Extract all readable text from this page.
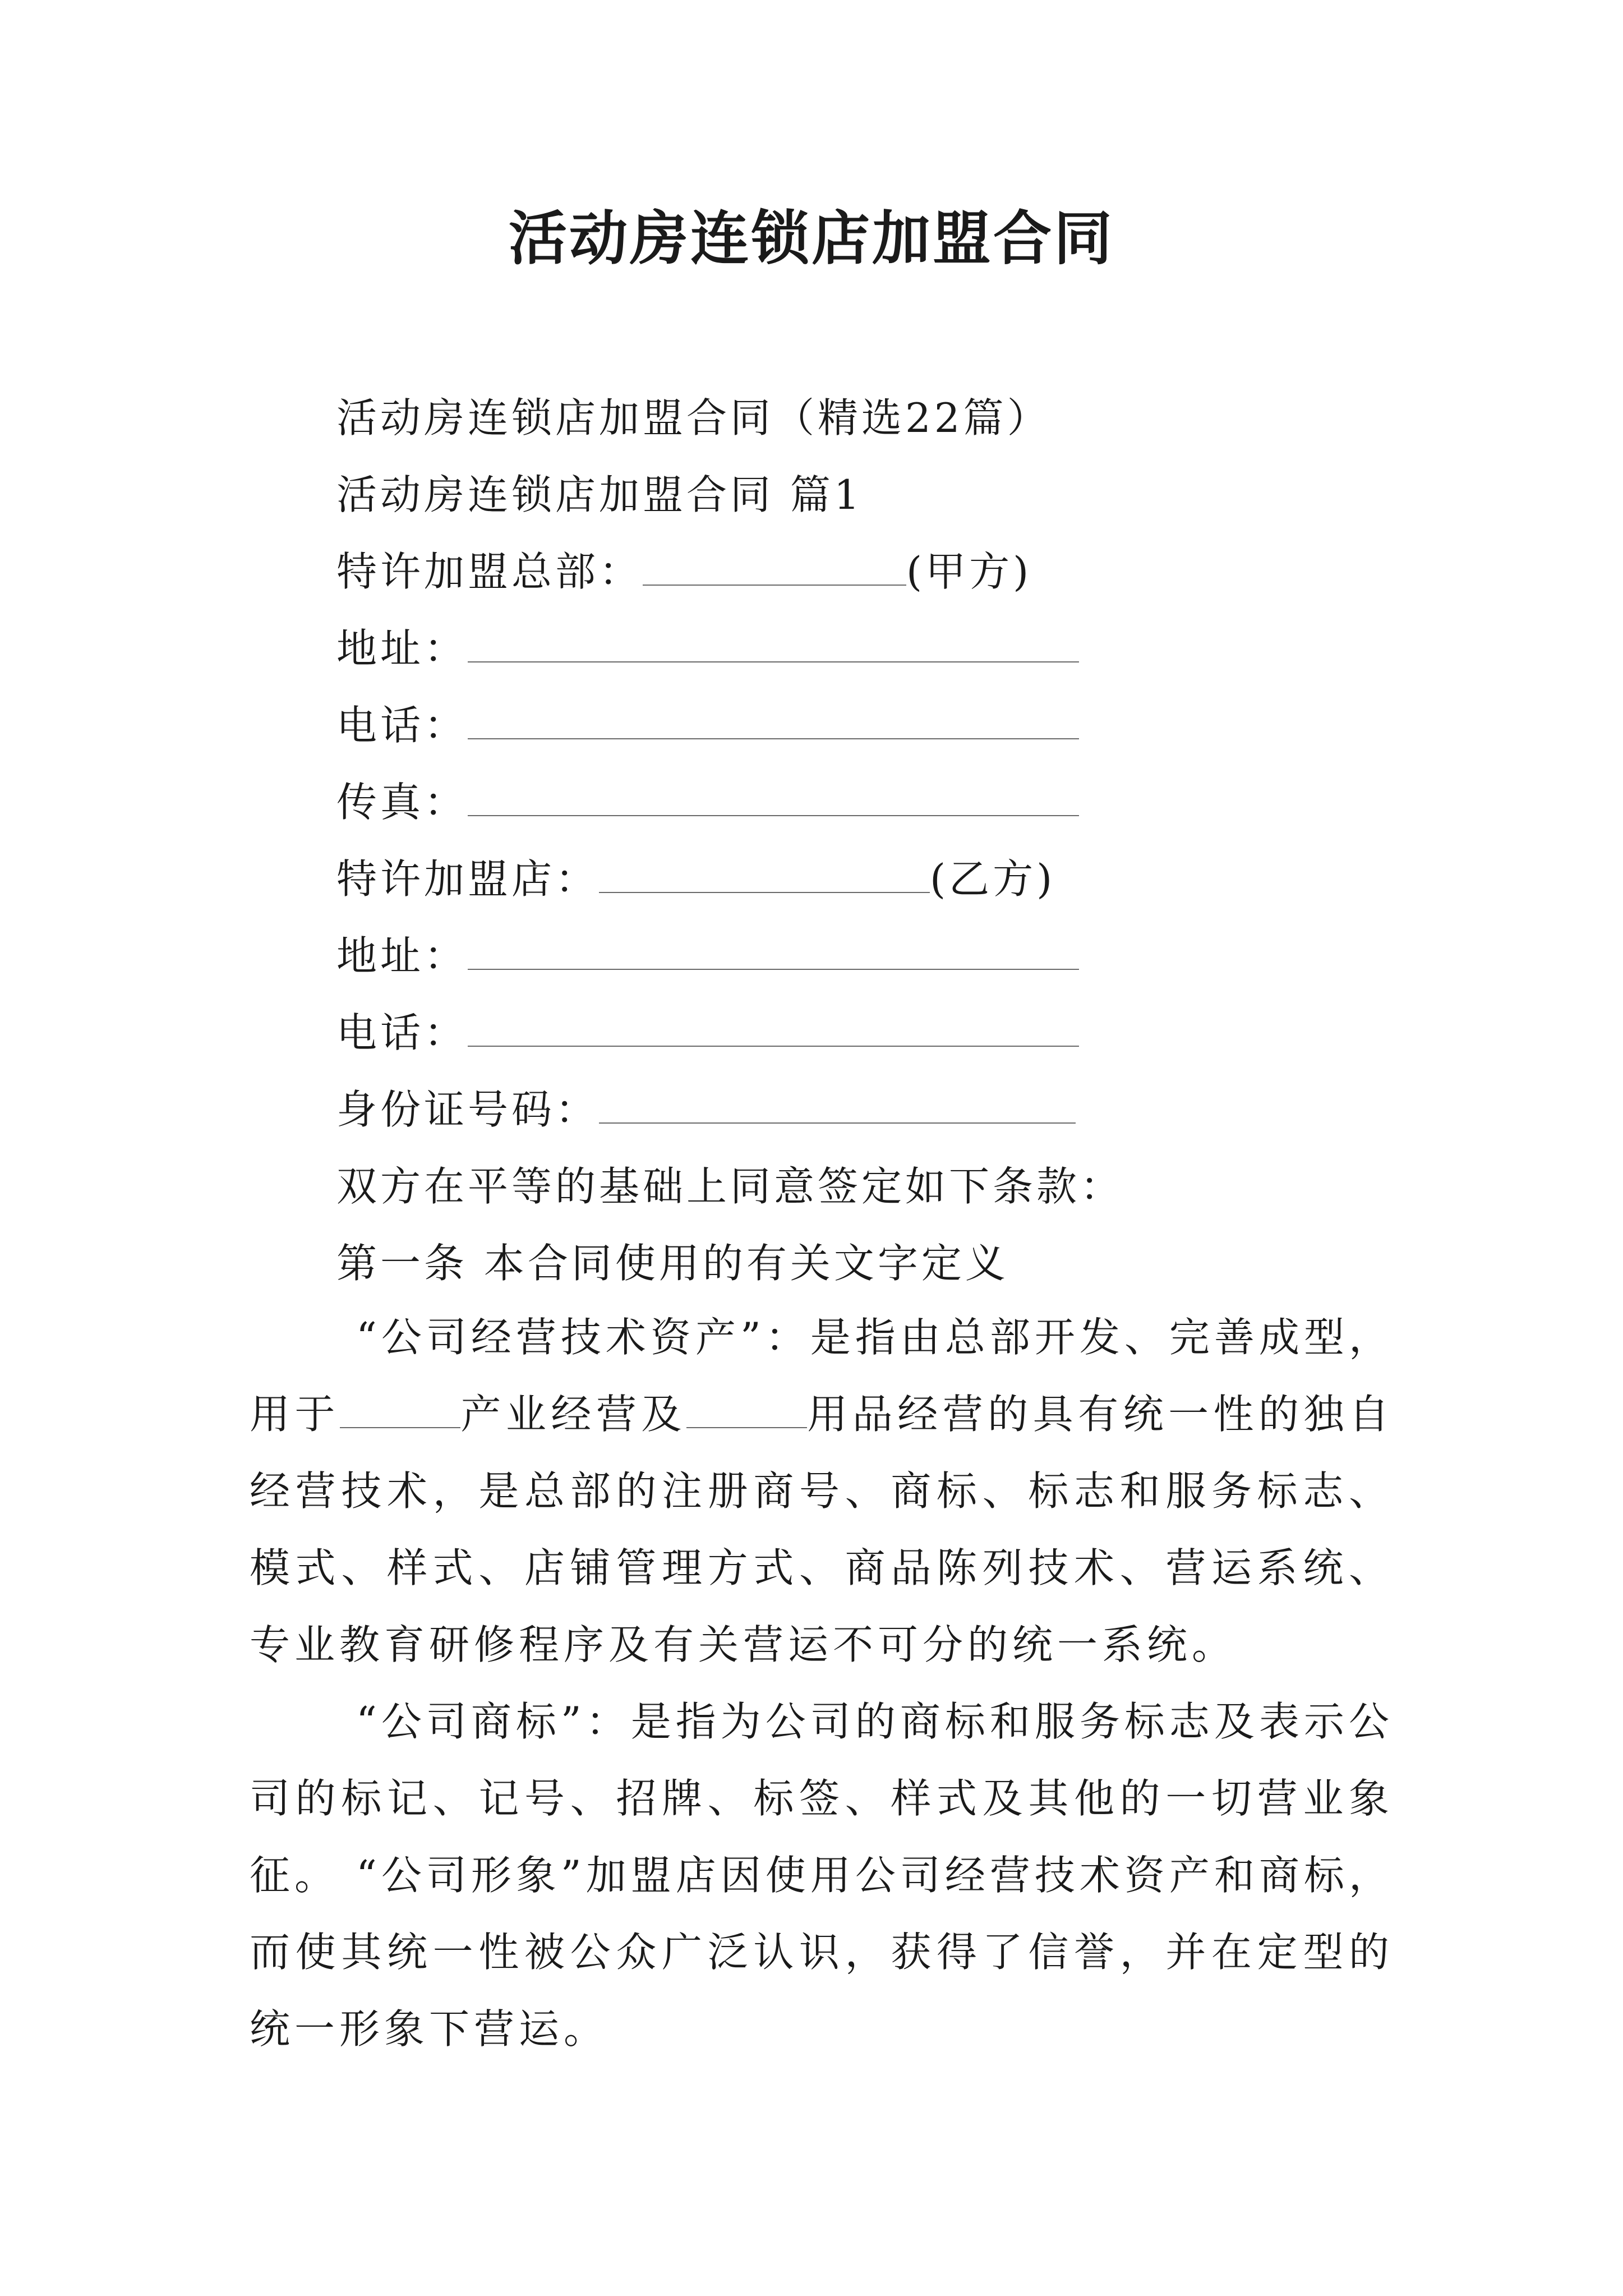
活动房连锁店加盟合同
活动房连锁店加盟合同（精选22篇）
活动房连锁店加盟合同 篇1
特许加盟总部：	(甲方)
地址：
电话：
传真：
特许加盟店：	(乙方)
地址：
电话：
身份证号码：
双方在平等的基础上同意签定如下条款：
第一条 本合同使用的有关文字定义
“公司经营技术资产”：是指由总部开发、完善成型，用于	产业经营及	用品经营的具有统一性的独自经营技术，是总部的注册商号、商标、标志和服务标志、模式、样式、店铺管理方式、商品陈列技术、营运系统、专业教育研修程序及有关营运不可分的统一系统。
“公司商标”：是指为公司的商标和服务标志及表示公司的标记、记号、招牌、标签、样式及其他的一切营业象征。 “公司形象”加盟店因使用公司经营技术资产和商标，而使其统一性被公众广泛认识，获得了信誉，并在定型的统一形象下营运。
